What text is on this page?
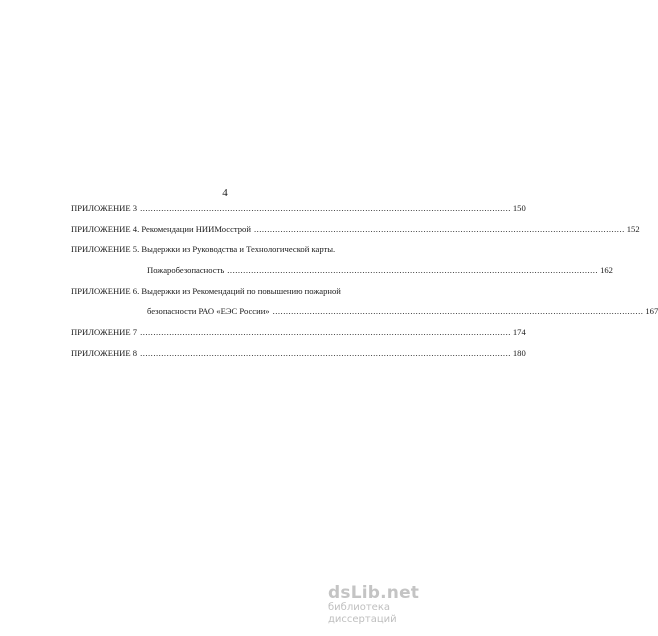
4
ПРИЛОЖЕНИЕ 3 ............................................................................................................................................ 150
ПРИЛОЖЕНИЕ 4. Рекомендации НИИМосстрой ............................................................................................................................................ 152
ПРИЛОЖЕНИЕ 5. Выдержки из Руководства и Технологической карты.
Пожаробезопасность ............................................................................................................................................ 162
ПРИЛОЖЕНИЕ 6. Выдержки из Рекомендаций по повышению пожарной
безопасности РАО «ЕЭС России» ............................................................................................................................................ 167
ПРИЛОЖЕНИЕ 7 ............................................................................................................................................ 174
ПРИЛОЖЕНИЕ 8 ............................................................................................................................................ 180
dsLib.net
библиотека диссертаций
